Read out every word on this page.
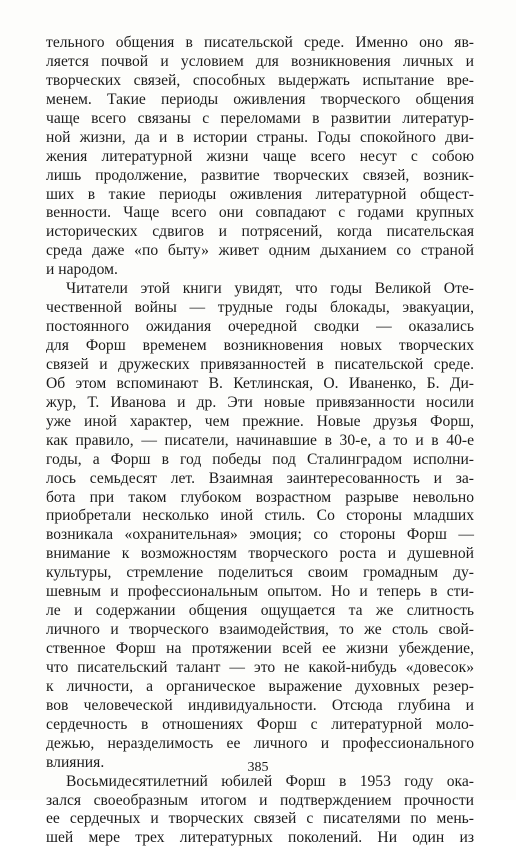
тельного общения в писательской среде. Именно оно яв-
ляется почвой и условием для возникновения личных и
творческих связей, способных выдержать испытание вре-
менем. Такие периоды оживления творческого общения
чаще всего связаны с переломами в развитии литератур-
ной жизни, да и в истории страны. Годы спокойного дви-
жения литературной жизни чаще всего несут с собою
лишь продолжение, развитие творческих связей, возник-
ших в такие периоды оживления литературной общест-
венности. Чаще всего они совпадают с годами крупных
исторических сдвигов и потрясений, когда писательская
среда даже «по быту» живет одним дыханием со страной
и народом.
Читатели этой книги увидят, что годы Великой Оте-
чественной войны — трудные годы блокады, эвакуации,
постоянного ожидания очередной сводки — оказались
для Форш временем возникновения новых творческих
связей и дружеских привязанностей в писательской среде.
Об этом вспоминают В. Кетлинская, О. Иваненко, Б. Ди-
жур, Т. Иванова и др. Эти новые привязанности носили
уже иной характер, чем прежние. Новые друзья Форш,
как правило, — писатели, начинавшие в 30-е, а то и в 40-е
годы, а Форш в год победы под Сталинградом исполни-
лось семьдесят лет. Взаимная заинтересованность и за-
бота при таком глубоком возрастном разрыве невольно
приобретали несколько иной стиль. Со стороны младших
возникала «охранительная» эмоция; со стороны Форш —
внимание к возможностям творческого роста и душевной
культуры, стремление поделиться своим громадным ду-
шевным и профессиональным опытом. Но и теперь в сти-
ле и содержании общения ощущается та же слитность
личного и творческого взаимодействия, то же столь свой-
ственное Форш на протяжении всей ее жизни убеждение,
что писательский талант — это не какой-нибудь «довесок»
к личности, а органическое выражение духовных резер-
вов человеческой индивидуальности. Отсюда глубина и
сердечность в отношениях Форш с литературной моло-
дежью, неразделимость ее личного и профессионального
влияния.
Восьмидесятилетний юбилей Форш в 1953 году ока-
зался своеобразным итогом и подтверждением прочности
ее сердечных и творческих связей с писателями по мень-
шей мере трех литературных поколений. Ни один из
385
